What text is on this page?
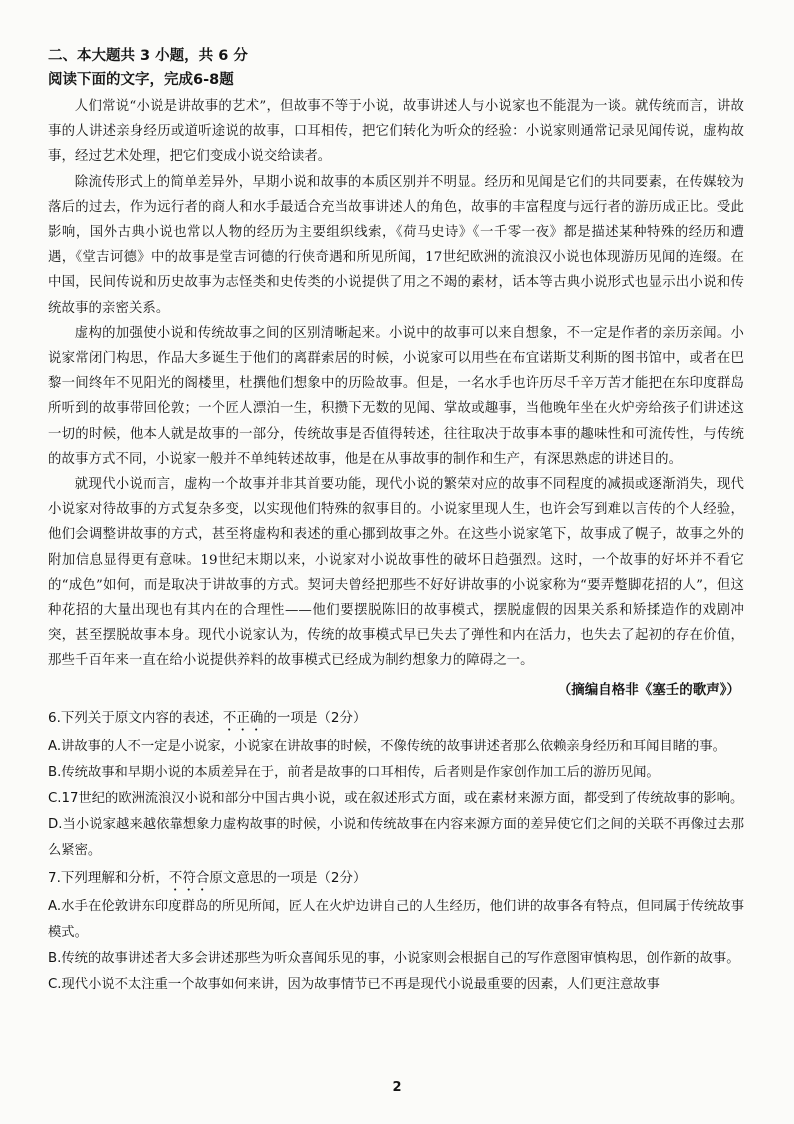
二、本大题共 3 小题，共 6 分

阅读下面的文字，完成6-8题

人们常说“小说是讲故事的艺术”，但故事不等于小说，故事讲述人与小说家也不能混为一谈。就传统而言，讲故事的人讲述亲身经历或道听途说的故事，口耳相传，把它们转化为听众的经验：小说家则通常记录见闻传说，虚构故事，经过艺术处理，把它们变成小说交给读者。

除流传形式上的简单差异外，早期小说和故事的本质区别并不明显。经历和见闻是它们的共同要素，在传媒较为落后的过去，作为远行者的商人和水手最适合充当故事讲述人的角色，故事的丰富程度与远行者的游历成正比。受此影响，国外古典小说也常以人物的经历为主要组织线索，《荷马史诗》《一千零一夜》都是描述某种特殊的经历和遭遇，《堂吉诃德》中的故事是堂吉诃德的行侠奇遇和所见所闻，17世纪欧洲的流浪汉小说也体现游历见闻的连缀。在中国，民间传说和历史故事为志怪类和史传类的小说提供了用之不竭的素材，话本等古典小说形式也显示出小说和传统故事的亲密关系。

虚构的加强使小说和传统故事之间的区别清晰起来。小说中的故事可以来自想象，不一定是作者的亲历亲闻。小说家常闭门构思，作品大多诞生于他们的离群索居的时候，小说家可以用些在布宜诺斯艾利斯的图书馆中，或者在巴黎一间终年不见阳光的阁楼里，杜撰他们想象中的历险故事。但是，一名水手也许历尽千辛万苦才能把在东印度群岛所听到的故事带回伦敦；一个匠人漂泊一生，积攒下无数的见闻、掌故或趣事，当他晚年坐在火炉旁给孩子们讲述这一切的时候，他本人就是故事的一部分，传统故事是否值得转述，往往取决于故事本事的趣味性和可流传性，与传统的故事方式不同，小说家一般并不单纯转述故事，他是在从事故事的制作和生产，有深思熟虑的讲述目的。

就现代小说而言，虚构一个故事并非其首要功能，现代小说的繁荣对应的故事不同程度的减损或逐渐消失，现代小说家对待故事的方式复杂多变，以实现他们特殊的叙事目的。小说家里现人生，也许会写到难以言传的个人经验，他们会调整讲故事的方式，甚至将虚构和表述的重心挪到故事之外。在这些小说家笔下，故事成了幌子，故事之外的附加信息显得更有意味。19世纪末期以来，小说家对小说故事性的破坏日趋强烈。这时，一个故事的好坏并不看它的“成色”如何，而是取决于讲故事的方式。契诃夫曾经把那些不好好讲故事的小说家称为“要弄蹩脚花招的人”，但这种花招的大量出现也有其内在的合理性——他们要摆脱陈旧的故事模式，摆脱虚假的因果关系和矫揉造作的戏剧冲突，甚至摆脱故事本身。现代小说家认为，传统的故事模式早已失去了弹性和内在活力，也失去了起初的存在价值，那些千百年来一直在给小说提供养料的故事模式已经成为制约想象力的障碍之一。

（摘编自格非《塞壬的歌声》）

6.下列关于原文内容的表述，不正确的一项是（2分）

A.讲故事的人不一定是小说家，小说家在讲故事的时候，不像传统的故事讲述者那么依赖亲身经历和耳闻目睹的事。

B.传统故事和早期小说的本质差异在于，前者是故事的口耳相传，后者则是作家创作加工后的游历见闻。

C.17世纪的欧洲流浪汉小说和部分中国古典小说，或在叙述形式方面，或在素材来源方面，都受到了传统故事的影响。

D.当小说家越来越依靠想象力虚构故事的时候，小说和传统故事在内容来源方面的差异使它们之间的关联不再像过去那么紧密。

7.下列理解和分析，不符合原文意思的一项是（2分）

A.水手在伦敦讲东印度群岛的所见所闻，匠人在火炉边讲自己的人生经历，他们讲的故事各有特点，但同属于传统故事模式。

B.传统的故事讲述者大多会讲述那些为听众喜闻乐见的事，小说家则会根据自己的写作意图审慎构思，创作新的故事。

C.现代小说不太注重一个故事如何来讲，因为故事情节已不再是现代小说最重要的因素，人们更注意故事

2
